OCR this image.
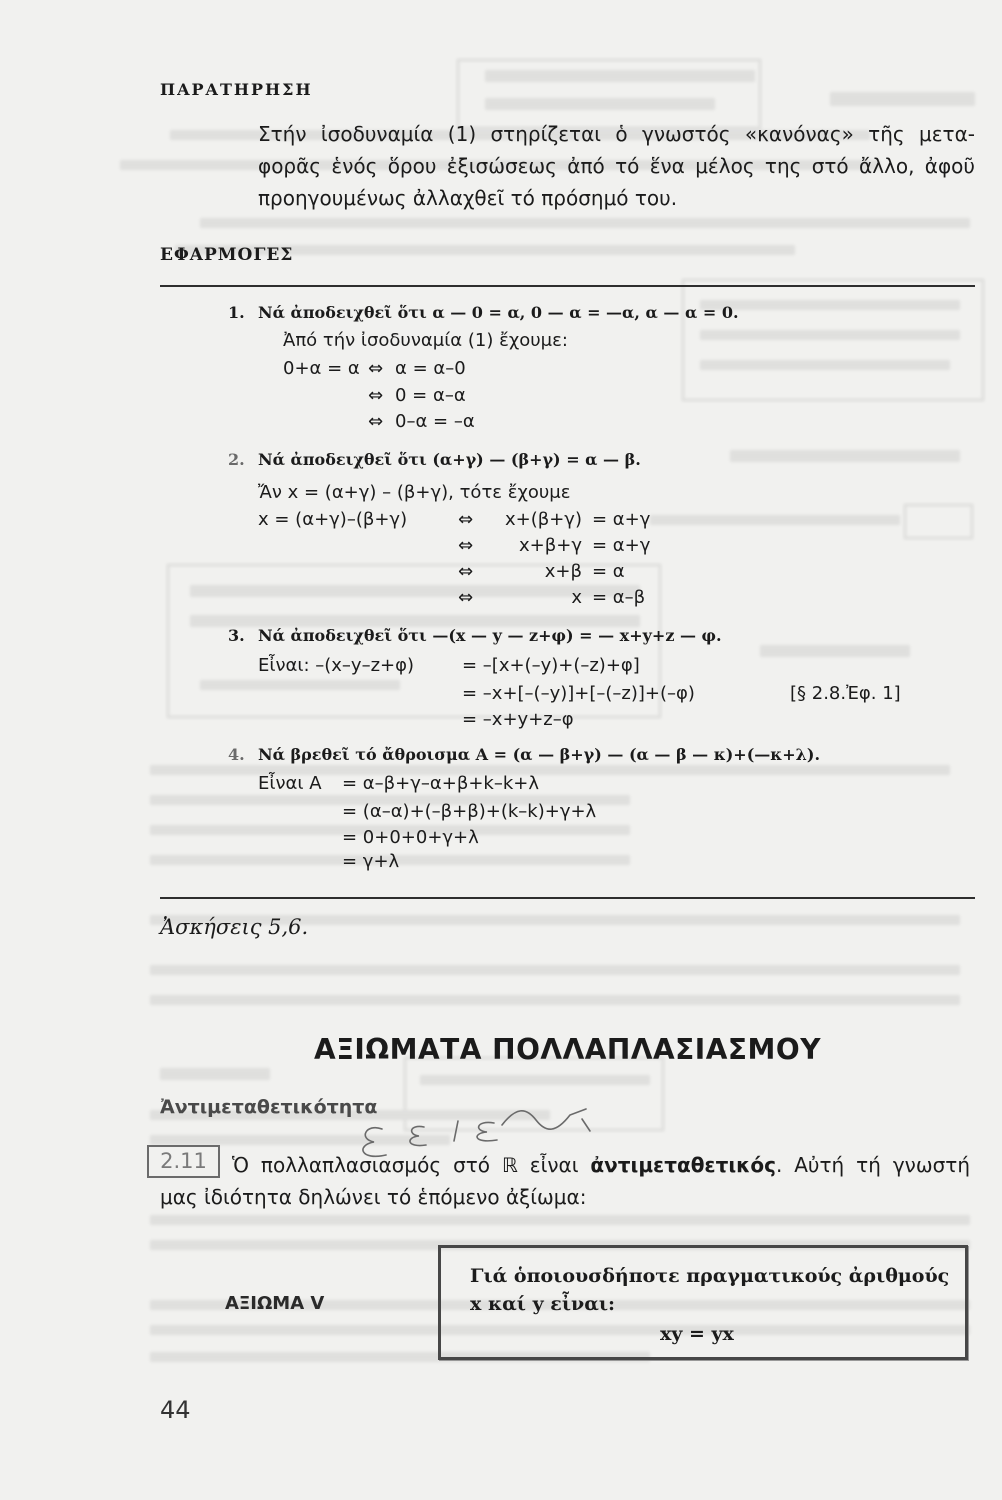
ΠΑΡΑΤΗΡΗΣΗ
Στήν ἰσοδυναμία (1) στηρίζεται ὁ γνωστός «κανόνας» τῆς μετα-
φορᾶς ἑνός ὅρου ἐξισώσεως ἀπό τό ἕνα μέλος της στό ἄλλο, ἀφοῦ
προηγουμένως ἀλλαχθεῖ τό πρόσημό του.
ΕΦΑΡΜΟΓΕΣ
1. Νά ἀποδειχθεῖ ὅτι α — 0 = α, 0 — α = —α, α — α = 0.
Ἀπό τήν ἰσοδυναμία (1) ἔχουμε:
0+α = α ⇔ α = α–0
⇔ 0 = α–α
⇔ 0–α = –α
2. Νά ἀποδειχθεῖ ὅτι (α+γ) — (β+γ) = α — β.
Ἄν x = (α+γ) – (β+γ), τότε ἔχουμε
x = (α+γ)–(β+γ)	⇔	x+(β+γ) = α+γ
⇔	x+β+γ = α+γ
⇔	x+β = α
⇔	x = α–β
3. Νά ἀποδειχθεῖ ὅτι —(x — y — z+φ) = — x+y+z — φ.
Εἶναι: –(x–y–z+φ)	= –[x+(–y)+(–z)+φ]
= –x+[–(–y)]+[–(–z)]+(–φ)	[§ 2.8.Ἐφ. 1]
= –x+y+z–φ
4. Νά βρεθεῖ τό ἄθροισμα Α = (α — β+γ) — (α — β — κ)+(—κ+λ).
Εἶναι Α = α–β+γ–α+β+k–k+λ
= (α–α)+(–β+β)+(k–k)+γ+λ
= 0+0+0+γ+λ
= γ+λ
Ἀσκήσεις 5,6.
ΑΞΙΩΜΑΤΑ ΠΟΛΛΑΠΛΑΣΙΑΣΜΟΥ
Ἀντιμεταθετικότητα
2.11	Ὁ πολλαπλασιασμός στό ℝ εἶναι ἀντιμεταθετικός. Αὐτή τή γνωστή
μας ἰδιότητα δηλώνει τό ἑπόμενο ἀξίωμα:
Γιά ὁποιουσδήποτε πραγματικούς ἀριθμούς
ΑΞΙΩΜΑ V	x καί y εἶναι:
xy = yx
44
